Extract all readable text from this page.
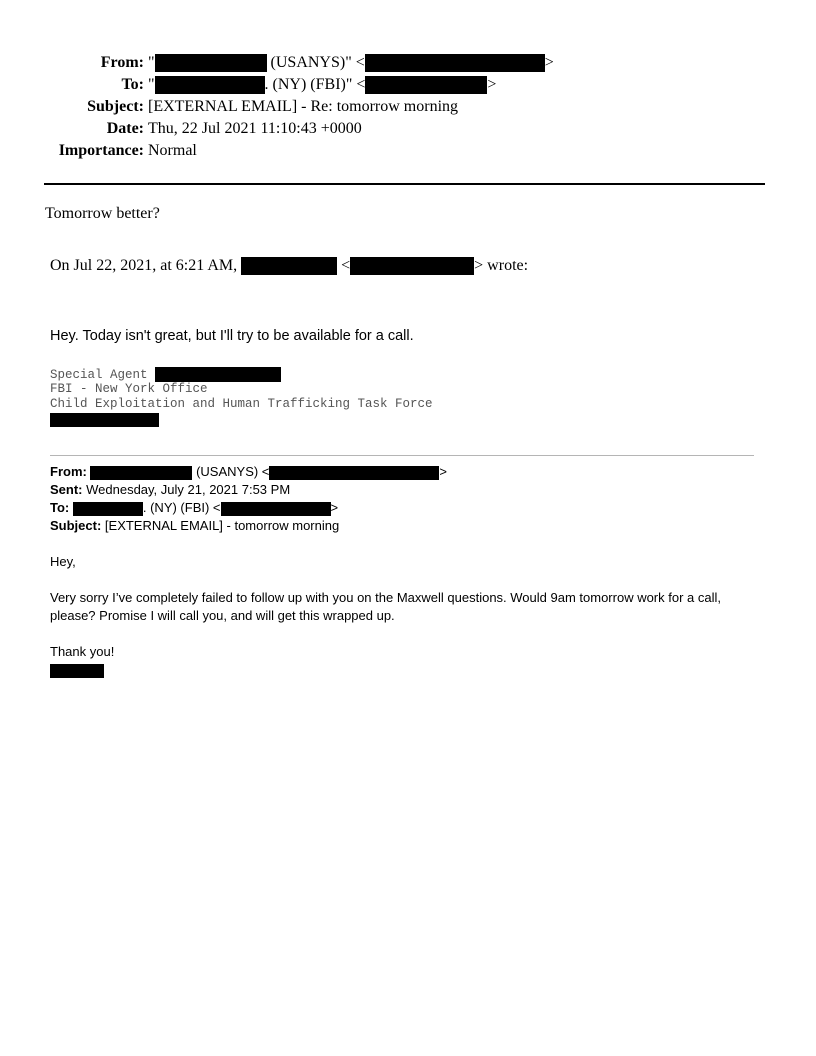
From: "	(USANYS)" <	>
To: "	. (NY) (FBI)" <	>
Subject: [EXTERNAL EMAIL] - Re: tomorrow morning
Date: Thu, 22 Jul 2021 11:10:43 +0000
Importance: Normal
Tomorrow better?
On Jul 22, 2021, at 6:21 AM,	<	> wrote:
Hey. Today isn't great, but I'll try to be available for a call.
Special Agent
FBI - New York Office
Child Exploitation and Human Trafficking Task Force
From:	(USANYS) <	>
Sent: Wednesday, July 21, 2021 7:53 PM
To:	. (NY) (FBI) <	>
Subject: [EXTERNAL EMAIL] - tomorrow morning
Hey,
Very sorry I’ve completely failed to follow up with you on the Maxwell questions. Would 9am tomorrow work for a call,
please? Promise I will call you, and will get this wrapped up.
Thank you!
